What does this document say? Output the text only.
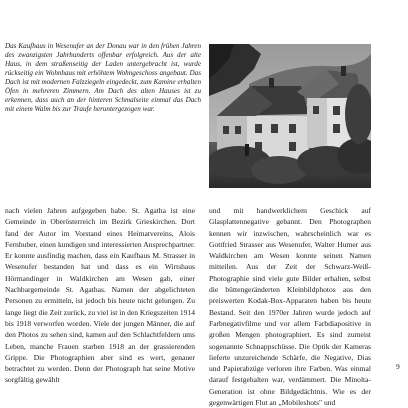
Das Kaufhaus in Wesenufer an der Donau war in den frühen Jahren des zwanzigsten Jahrhunderts offenbar erfolgreich. Aus der alte Haus, in dem straßenseitig der Laden untergebracht ist, wurde rückseitig ein Wohnhaus mit erhöhtem Wohngeschoss angebaut. Das Dach ist mit modernen Falzziegeln eingedeckt, zum Kamine erhalten Öfen in mehreren Zimmern. Am Dach des alten Hauses ist zu erkennen, dass auch an der hinteren Schmalseite einmal das Dach mit einem Walm bis zur Traufe heruntergezogen war.

nach vielen Jahren aufgegeben habe. St. Agatha ist eine Gemeinde in Oberösterreich im Bezirk Grieskirchen. Dort fand der Autor im Vorstand eines Heimatvereins, Alois Fernhuber, einen kundigen und interessierten Ansprechpartner. Er konnte ausfindig machen, dass ein Kaufhaus M. Strasser in Wesenufer bestanden hat und dass es ein Wirtshaus Hörmandinger in Waldkirchen am Wesen gab, einer Nachbargemeinde St. Agathas. Namen der abgelichteten Personen zu ermitteln, ist jedoch bis heute nicht gelungen. Zu lange liegt die Zeit zurück, zu viel ist in den Kriegszeiten 1914 bis 1918 verworfen worden. Viele der jungen Männer, die auf den Photos zu sehen sind, kamen auf den Schlachtfeldern ums Leben, manche Frauen starben 1918 an der grassierenden Grippe. Die Photographien aber sind es wert, genauer betrachtet zu werden. Denn der Photograph hat seine Motive sorgfältig gewählt

und mit handwerklichem Geschick auf Glasplattennegative gebannt. Den Photographen kennen wir inzwischen, wahrscheinlich war es Gottfried Strasser aus Wesenufer, Walter Humer aus Waldkirchen am Wesen konnte seinen Namen mitteilen. Aus der Zeit der Schwarz-Weiß-Photographie sind viele gute Bilder erhalten, selbst die büttengeränderten Kleinbildphotos aus den preiswerten Kodak-Box-Apparaten haben bis heute Bestand. Seit den 1970er Jahren wurde jedoch auf Farbnegativfilme und vor allem Farbdiapositive in großen Mengen photographiert. Es sind zumeist sogenannte Schnappschüsse. Die Optik der Kameras lieferte unzureichende Schärfe, die Negative, Dias und Papierabzüge verloren ihre Farben. Was einmal darauf festgehalten war, verdämmert. Die Minolta-Generation ist ohne Bildgedächtnis. Wie es der gegenwärtigen Flut an „Mobileshots" und

9
